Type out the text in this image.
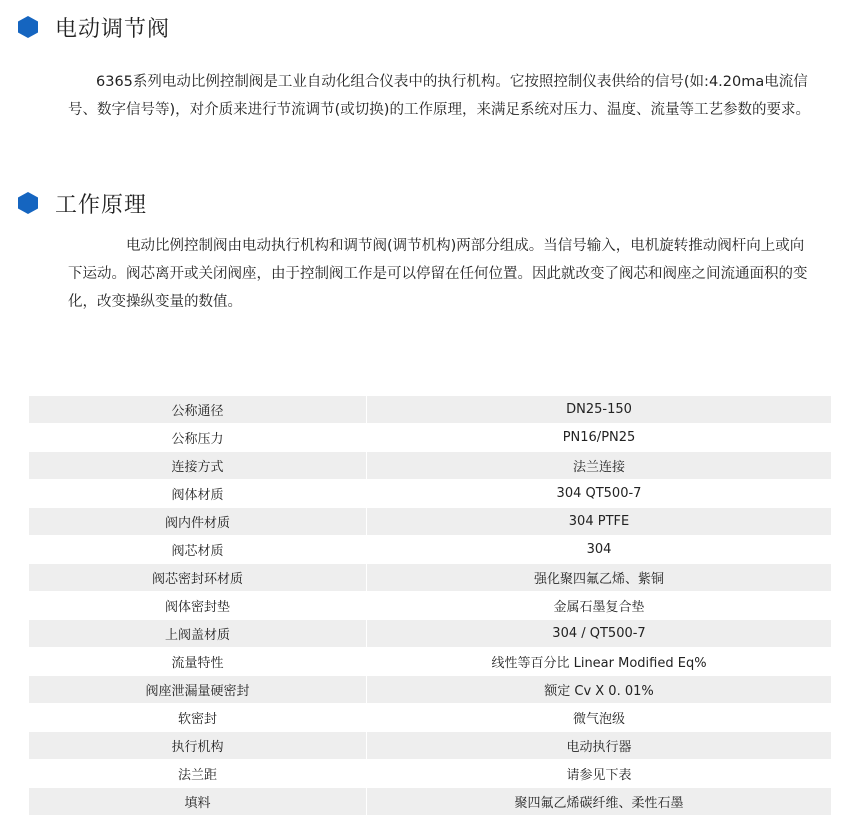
电动调节阀

6365系列电动比例控制阀是工业自动化组合仪表中的执行机构。它按照控制仪表供给的信号(如:4.20ma电流信号、数字信号等)，对介质来进行节流调节(或切换)的工作原理，来满足系统对压力、温度、流量等工艺参数的要求。

工作原理

电动比例控制阀由电动执行机构和调节阀(调节机构)两部分组成。当信号输入，电机旋转推动阀杆向上或向下运动。阀芯离开或关闭阀座，由于控制阀工作是可以停留在任何位置。因此就改变了阀芯和阀座之间流通面积的变化，改变操纵变量的数值。

公称通径	DN25-150
公称压力	PN16/PN25
连接方式	法兰连接
阀体材质	304 QT500-7
阀内件材质	304 PTFE
阀芯材质	304
阀芯密封环材质	强化聚四氟乙烯、紫铜
阀体密封垫	金属石墨复合垫
上阀盖材质	304 / QT500-7
流量特性	线性等百分比 Linear Modified Eq%
阀座泄漏量硬密封	额定 Cv X 0. 01%
软密封	微气泡级
执行机构	电动执行器
法兰距	请参见下表
填料	聚四氟乙烯碳纤维、柔性石墨
